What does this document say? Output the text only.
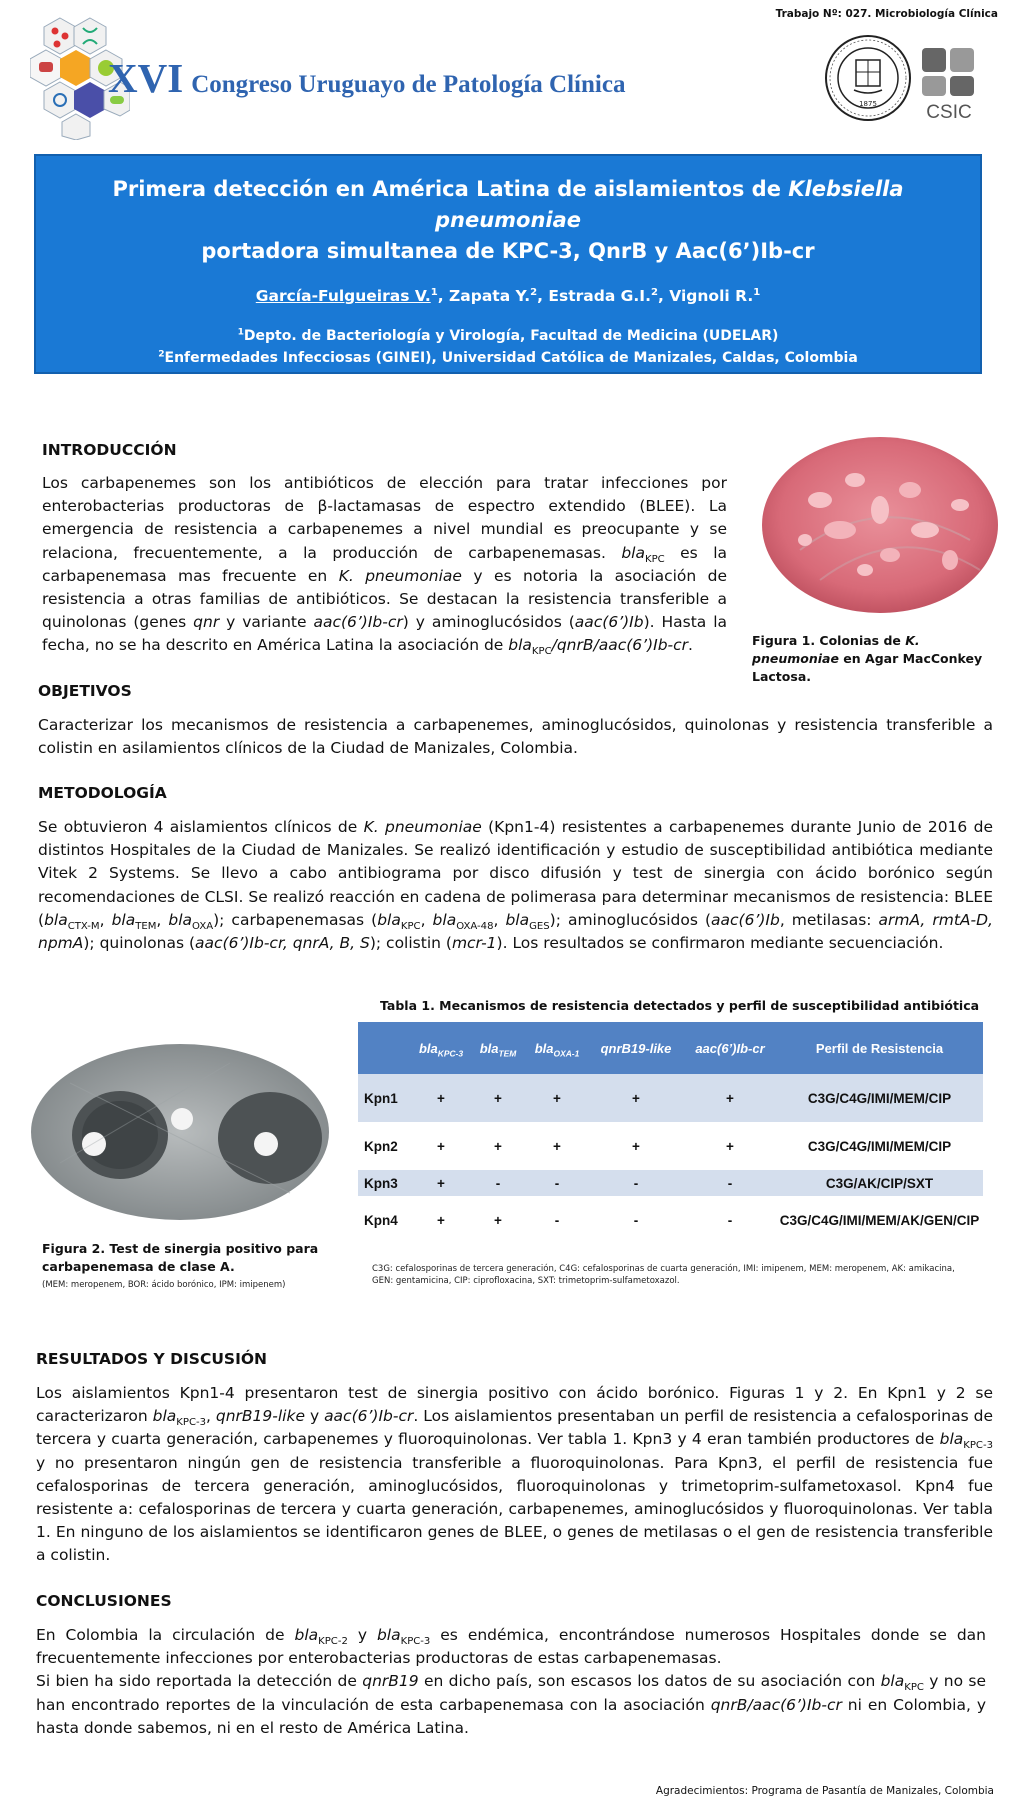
Trabajo Nº: 027. Microbiología Clínica
XVI Congreso Uruguayo de Patología Clínica
1875	CSIC
Primera detección en América Latina de aislamientos de Klebsiella pneumoniae
portadora simultanea de KPC-3, QnrB y Aac(6’)Ib-cr
García-Fulgueiras V.$^1$, Zapata Y.$^2$, Estrada G.I.$^2$, Vignoli R.$^1$
$^1$Depto. de Bacteriología y Virología, Facultad de Medicina (UDELAR)
$^2$Enfermedades Infecciosas (GINEI), Universidad Católica de Manizales, Caldas, Colombia
INTRODUCCIÓN
Los carbapenemes son los antibióticos de elección para tratar infecciones por enterobacterias productoras de β-lactamasas de espectro extendido (BLEE). La emergencia de resistencia a carbapenemes a nivel mundial es preocupante y se relaciona, frecuentemente, a la producción de carbapenemasas. bla$_{KPC}$ es la carbapenemasa mas frecuente en K. pneumoniae y es notoria la asociación de resistencia a otras familias de antibióticos. Se destacan la resistencia transferible a quinolonas (genes qnr y variante aac(6’)Ib-cr) y aminoglucósidos (aac(6’)Ib). Hasta la fecha, no se ha descrito en América Latina la asociación de bla$_{KPC}$/qnrB/aac(6’)Ib-cr.	Figura 1. Colonias de K. pneumoniae en Agar MacConkey Lactosa.
OBJETIVOS
Caracterizar los mecanismos de resistencia a carbapenemes, aminoglucósidos, quinolonas y resistencia transferible a colistin en asilamientos clínicos de la Ciudad de Manizales, Colombia.
METODOLOGÍA
Se obtuvieron 4 aislamientos clínicos de K. pneumoniae (Kpn1-4) resistentes a carbapenemes durante Junio de 2016 de distintos Hospitales de la Ciudad de Manizales. Se realizó identificación y estudio de susceptibilidad antibiótica mediante Vitek 2 Systems. Se llevo a cabo antibiograma por disco difusión y test de sinergia con ácido borónico según recomendaciones de CLSI. Se realizó reacción en cadena de polimerasa para determinar mecanismos de resistencia: BLEE (bla$_{CTX-M}$, bla$_{TEM}$, bla$_{OXA}$); carbapenemasas (bla$_{KPC}$, bla$_{OXA-48}$, bla$_{GES}$); aminoglucósidos (aac(6’)Ib, metilasas: armA, rmtA-D, npmA); quinolonas (aac(6’)Ib-cr, qnrA, B, S); colistin (mcr-1). Los resultados se confirmaron mediante secuenciación.
Figura 2. Test de sinergia positivo para carbapenemasa de clase A.
(MEM: meropenem, BOR: ácido borónico, IPM: imipenem)
Tabla 1. Mecanismos de resistencia detectados y perfil de susceptibilidad antibiótica
	bla$_{KPC-3}$	bla$_{TEM}$	bla$_{OXA-1}$	qnrB19-like	aac(6’)Ib-cr	Perfil de Resistencia
Kpn1	+	+	+	+	+	C3G/C4G/IMI/MEM/CIP
Kpn2	+	+	+	+	+	C3G/C4G/IMI/MEM/CIP
Kpn3	+	-	-	-	-	C3G/AK/CIP/SXT
Kpn4	+	+	-	-	-	C3G/C4G/IMI/MEM/AK/GEN/CIP
C3G: cefalosporinas de tercera generación, C4G: cefalosporinas de cuarta generación, IMI: imipenem, MEM: meropenem, AK: amikacina, GEN: gentamicina, CIP: ciprofloxacina, SXT: trimetoprim-sulfametoxazol.
RESULTADOS Y DISCUSIÓN
Los aislamientos Kpn1-4 presentaron test de sinergia positivo con ácido borónico. Figuras 1 y 2. En Kpn1 y 2 se caracterizaron bla$_{KPC-3}$, qnrB19-like y aac(6’)Ib-cr. Los aislamientos presentaban un perfil de resistencia a cefalosporinas de tercera y cuarta generación, carbapenemes y fluoroquinolonas. Ver tabla 1. Kpn3 y 4 eran también productores de bla$_{KPC-3}$ y no presentaron ningún gen de resistencia transferible a fluoroquinolonas. Para Kpn3, el perfil de resistencia fue cefalosporinas de tercera generación, aminoglucósidos, fluoroquinolonas y trimetoprim-sulfametoxasol. Kpn4 fue resistente a: cefalosporinas de tercera y cuarta generación, carbapenemes, aminoglucósidos y fluoroquinolonas. Ver tabla 1. En ninguno de los aislamientos se identificaron genes de BLEE, o genes de metilasas o el gen de resistencia transferible a colistin.
CONCLUSIONES
En Colombia la circulación de bla$_{KPC-2}$ y bla$_{KPC-3}$ es endémica, encontrándose numerosos Hospitales donde se dan frecuentemente infecciones por enterobacterias productoras de estas carbapenemasas.
Si bien ha sido reportada la detección de qnrB19 en dicho país, son escasos los datos de su asociación con bla$_{KPC}$ y no se han encontrado reportes de la vinculación de esta carbapenemasa con la asociación qnrB/aac(6’)Ib-cr ni en Colombia, y hasta donde sabemos, ni en el resto de América Latina.
Agradecimientos: Programa de Pasantía de Manizales, Colombia
